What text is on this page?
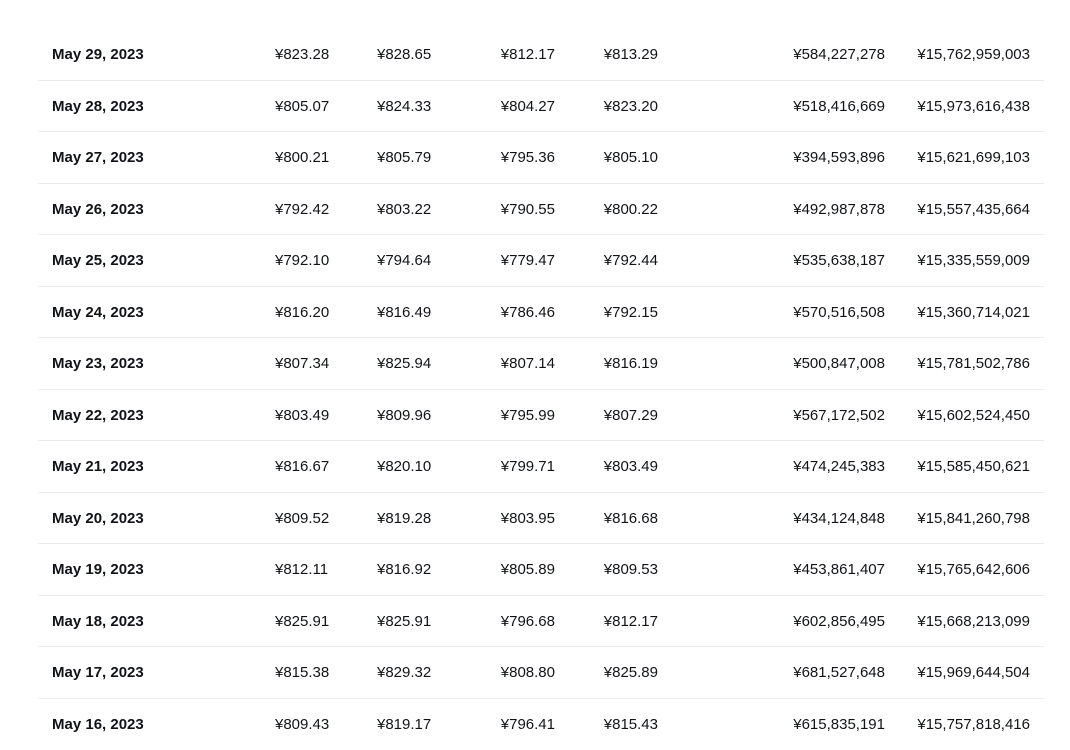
May 29, 2023	¥823.28	¥828.65	¥812.17	¥813.29	¥584,227,278 ¥15,762,959,003
May 28, 2023	¥805.07	¥824.33	¥804.27	¥823.20	¥518,416,669 ¥15,973,616,438
May 27, 2023	¥800.21	¥805.79	¥795.36	¥805.10	¥394,593,896 ¥15,621,699,103
May 26, 2023	¥792.42	¥803.22	¥790.55	¥800.22	¥492,987,878 ¥15,557,435,664
May 25, 2023	¥792.10	¥794.64	¥779.47	¥792.44	¥535,638,187 ¥15,335,559,009
May 24, 2023	¥816.20	¥816.49	¥786.46	¥792.15	¥570,516,508 ¥15,360,714,021
May 23, 2023	¥807.34	¥825.94	¥807.14	¥816.19	¥500,847,008 ¥15,781,502,786
May 22, 2023	¥803.49	¥809.96	¥795.99	¥807.29	¥567,172,502 ¥15,602,524,450
May 21, 2023	¥816.67	¥820.10	¥799.71	¥803.49	¥474,245,383 ¥15,585,450,621
May 20, 2023	¥809.52	¥819.28	¥803.95	¥816.68	¥434,124,848 ¥15,841,260,798
May 19, 2023	¥812.11	¥816.92	¥805.89	¥809.53	¥453,861,407 ¥15,765,642,606
May 18, 2023	¥825.91	¥825.91	¥796.68	¥812.17	¥602,856,495 ¥15,668,213,099
May 17, 2023	¥815.38	¥829.32	¥808.80	¥825.89	¥681,527,648 ¥15,969,644,504
May 16, 2023	¥809.43	¥819.17	¥796.41	¥815.43	¥615,835,191 ¥15,757,818,416
